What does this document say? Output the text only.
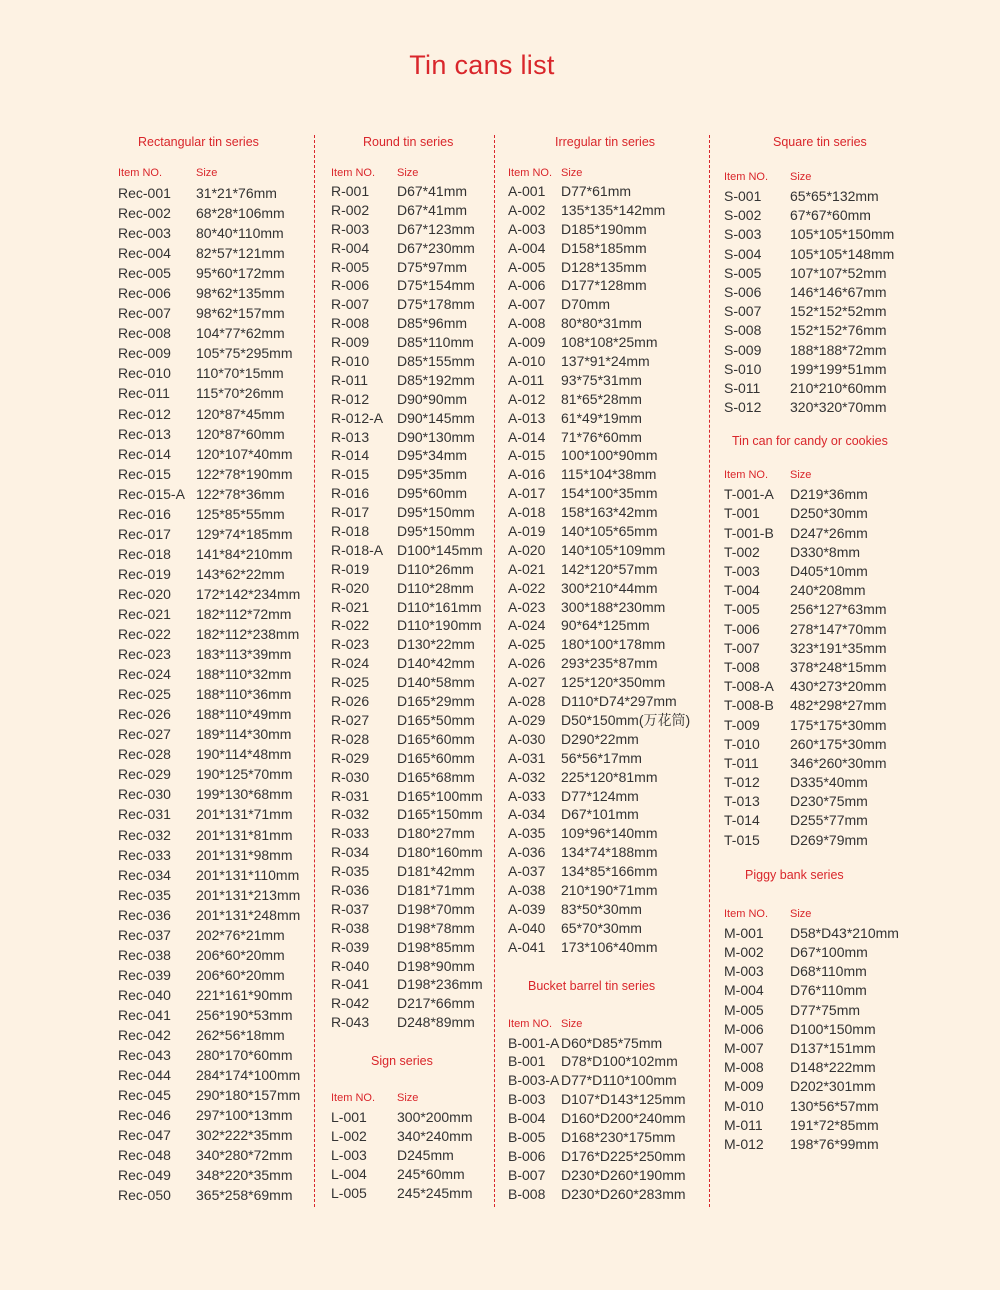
Tin cans list
Rectangular tin series
Item NO.	Size
Rec-001	31*21*76mm
Rec-002	68*28*106mm
Rec-003	80*40*110mm
Rec-004	82*57*121mm
Rec-005	95*60*172mm
Rec-006	98*62*135mm
Rec-007	98*62*157mm
Rec-008	104*77*62mm
Rec-009	105*75*295mm
Rec-010	110*70*15mm
Rec-011	115*70*26mm
Rec-012	120*87*45mm
Rec-013	120*87*60mm
Rec-014	120*107*40mm
Rec-015	122*78*190mm
Rec-015-A 122*78*36mm
Rec-016	125*85*55mm
Rec-017	129*74*185mm
Rec-018	141*84*210mm
Rec-019	143*62*22mm
Rec-020	172*142*234mm
Rec-021	182*112*72mm
Rec-022	182*112*238mm
Rec-023	183*113*39mm
Rec-024	188*110*32mm
Rec-025	188*110*36mm
Rec-026	188*110*49mm
Rec-027	189*114*30mm
Rec-028	190*114*48mm
Rec-029	190*125*70mm
Rec-030	199*130*68mm
Rec-031	201*131*71mm
Rec-032	201*131*81mm
Rec-033	201*131*98mm
Rec-034	201*131*110mm
Rec-035	201*131*213mm
Rec-036	201*131*248mm
Rec-037	202*76*21mm
Rec-038	206*60*20mm
Rec-039	206*60*20mm
Rec-040	221*161*90mm
Rec-041	256*190*53mm
Rec-042	262*56*18mm
Rec-043	280*170*60mm
Rec-044	284*174*100mm
Rec-045	290*180*157mm
Rec-046	297*100*13mm
Rec-047	302*222*35mm
Rec-048	340*280*72mm
Rec-049	348*220*35mm
Rec-050	365*258*69mm
Round tin series
Item NO.	Size
R-001	D67*41mm
R-002	D67*41mm
R-003	D67*123mm
R-004	D67*230mm
R-005	D75*97mm
R-006	D75*154mm
R-007	D75*178mm
R-008	D85*96mm
R-009	D85*110mm
R-010	D85*155mm
R-011	D85*192mm
R-012	D90*90mm
R-012-A D90*145mm
R-013	D90*130mm
R-014	D95*34mm
R-015	D95*35mm
R-016	D95*60mm
R-017	D95*150mm
R-018	D95*150mm
R-018-A D100*145mm
R-019	D110*26mm
R-020	D110*28mm
R-021	D110*161mm
R-022	D110*190mm
R-023	D130*22mm
R-024	D140*42mm
R-025	D140*58mm
R-026	D165*29mm
R-027	D165*50mm
R-028	D165*60mm
R-029	D165*60mm
R-030	D165*68mm
R-031	D165*100mm
R-032	D165*150mm
R-033	D180*27mm
R-034	D180*160mm
R-035	D181*42mm
R-036	D181*71mm
R-037	D198*70mm
R-038	D198*78mm
R-039	D198*85mm
R-040	D198*90mm
R-041	D198*236mm
R-042	D217*66mm
R-043	D248*89mm
Sign series
Item NO.	Size
L-001	300*200mm
L-002	340*240mm
L-003	D245mm
L-004	245*60mm
L-005	245*245mm
Irregular tin series
Item NO. Size
A-001	D77*61mm
A-002	135*135*142mm
A-003	D185*190mm
A-004	D158*185mm
A-005	D128*135mm
A-006	D177*128mm
A-007	D70mm
A-008	80*80*31mm
A-009	108*108*25mm
A-010	137*91*24mm
A-011	93*75*31mm
A-012	81*65*28mm
A-013	61*49*19mm
A-014	71*76*60mm
A-015	100*100*90mm
A-016	115*104*38mm
A-017	154*100*35mm
A-018	158*163*42mm
A-019	140*105*65mm
A-020	140*105*109mm
A-021	142*120*57mm
A-022	300*210*44mm
A-023	300*188*230mm
A-024	90*64*125mm
A-025	180*100*178mm
A-026	293*235*87mm
A-027	125*120*350mm
A-028	D110*D74*297mm
A-029	D50*150mm(万花筒)
A-030	D290*22mm
A-031	56*56*17mm
A-032	225*120*81mm
A-033	D77*124mm
A-034	D67*101mm
A-035	109*96*140mm
A-036	134*74*188mm
A-037	134*85*166mm
A-038	210*190*71mm
A-039	83*50*30mm
A-040	65*70*30mm
A-041	173*106*40mm
Bucket barrel tin series
Item NO. Size
B-001-A D60*D85*75mm
B-001	D78*D100*102mm
B-003-A D77*D110*100mm
B-003	D107*D143*125mm
B-004	D160*D200*240mm
B-005	D168*230*175mm
B-006	D176*D225*250mm
B-007	D230*D260*190mm
B-008	D230*D260*283mm
Square tin series
Item NO.	Size
S-001	65*65*132mm
S-002	67*67*60mm
S-003	105*105*150mm
S-004	105*105*148mm
S-005	107*107*52mm
S-006	146*146*67mm
S-007	152*152*52mm
S-008	152*152*76mm
S-009	188*188*72mm
S-010	199*199*51mm
S-011	210*210*60mm
S-012	320*320*70mm
Tin can for candy or cookies
Item NO.	Size
T-001-A	D219*36mm
T-001	D250*30mm
T-001-B	D247*26mm
T-002	D330*8mm
T-003	D405*10mm
T-004	240*208mm
T-005	256*127*63mm
T-006	278*147*70mm
T-007	323*191*35mm
T-008	378*248*15mm
T-008-A	430*273*20mm
T-008-B	482*298*27mm
T-009	175*175*30mm
T-010	260*175*30mm
T-011	346*260*30mm
T-012	D335*40mm
T-013	D230*75mm
T-014	D255*77mm
T-015	D269*79mm
Piggy bank series
Item NO.	Size
M-001	D58*D43*210mm
M-002	D67*100mm
M-003	D68*110mm
M-004	D76*110mm
M-005	D77*75mm
M-006	D100*150mm
M-007	D137*151mm
M-008	D148*222mm
M-009	D202*301mm
M-010	130*56*57mm
M-011	191*72*85mm
M-012	198*76*99mm
